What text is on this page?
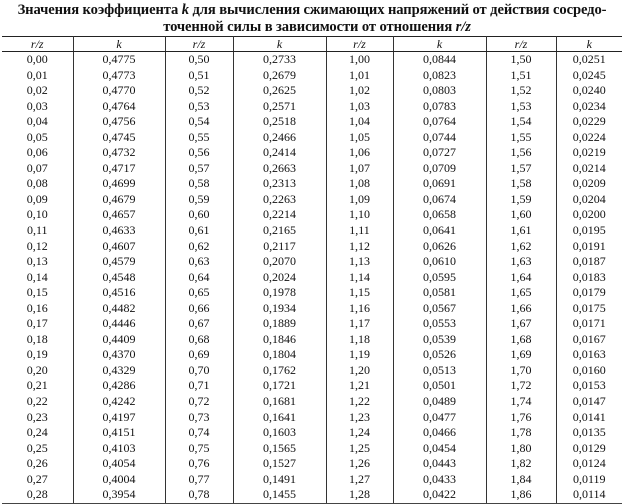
Значения коэффициента k для вычисления сжимающих напряжений от действия сосредо-
точенной силы в зависимости от отношения r/z
r/z	k	r/z	k	r/z	k	r/z	k
0,00	0,4775	0,50	0,2733	1,00	0,0844	1,50	0,0251
0,01	0,4773	0,51	0,2679	1,01	0,0823	1,51	0,0245
0,02	0,4770	0,52	0,2625	1,02	0,0803	1,52	0,0240
0,03	0,4764	0,53	0,2571	1,03	0,0783	1,53	0,0234
0,04	0,4756	0,54	0,2518	1,04	0,0764	1,54	0,0229
0,05	0,4745	0,55	0,2466	1,05	0,0744	1,55	0,0224
0,06	0,4732	0,56	0,2414	1,06	0,0727	1,56	0,0219
0,07	0,4717	0,57	0,2663	1,07	0,0709	1,57	0,0214
0,08	0,4699	0,58	0,2313	1,08	0,0691	1,58	0,0209
0,09	0,4679	0,59	0,2263	1,09	0,0674	1,59	0,0204
0,10	0,4657	0,60	0,2214	1,10	0,0658	1,60	0,0200
0,11	0,4633	0,61	0,2165	1,11	0,0641	1,61	0,0195
0,12	0,4607	0,62	0,2117	1,12	0,0626	1,62	0,0191
0,13	0,4579	0,63	0,2070	1,13	0,0610	1,63	0,0187
0,14	0,4548	0,64	0,2024	1,14	0,0595	1,64	0,0183
0,15	0,4516	0,65	0,1978	1,15	0,0581	1,65	0,0179
0,16	0,4482	0,66	0,1934	1,16	0,0567	1,66	0,0175
0,17	0,4446	0,67	0,1889	1,17	0,0553	1,67	0,0171
0,18	0,4409	0,68	0,1846	1,18	0,0539	1,68	0,0167
0,19	0,4370	0,69	0,1804	1,19	0,0526	1,69	0,0163
0,20	0,4329	0,70	0,1762	1,20	0,0513	1,70	0,0160
0,21	0,4286	0,71	0,1721	1,21	0,0501	1,72	0,0153
0,22	0,4242	0,72	0,1681	1,22	0,0489	1,74	0,0147
0,23	0,4197	0,73	0,1641	1,23	0,0477	1,76	0,0141
0,24	0,4151	0,74	0,1603	1,24	0,0466	1,78	0,0135
0,25	0,4103	0,75	0,1565	1,25	0,0454	1,80	0,0129
0,26	0,4054	0,76	0,1527	1,26	0,0443	1,82	0,0124
0,27	0,4004	0,77	0,1491	1,27	0,0433	1,84	0,0119
0,28	0,3954	0,78	0,1455	1,28	0,0422	1,86	0,0114
